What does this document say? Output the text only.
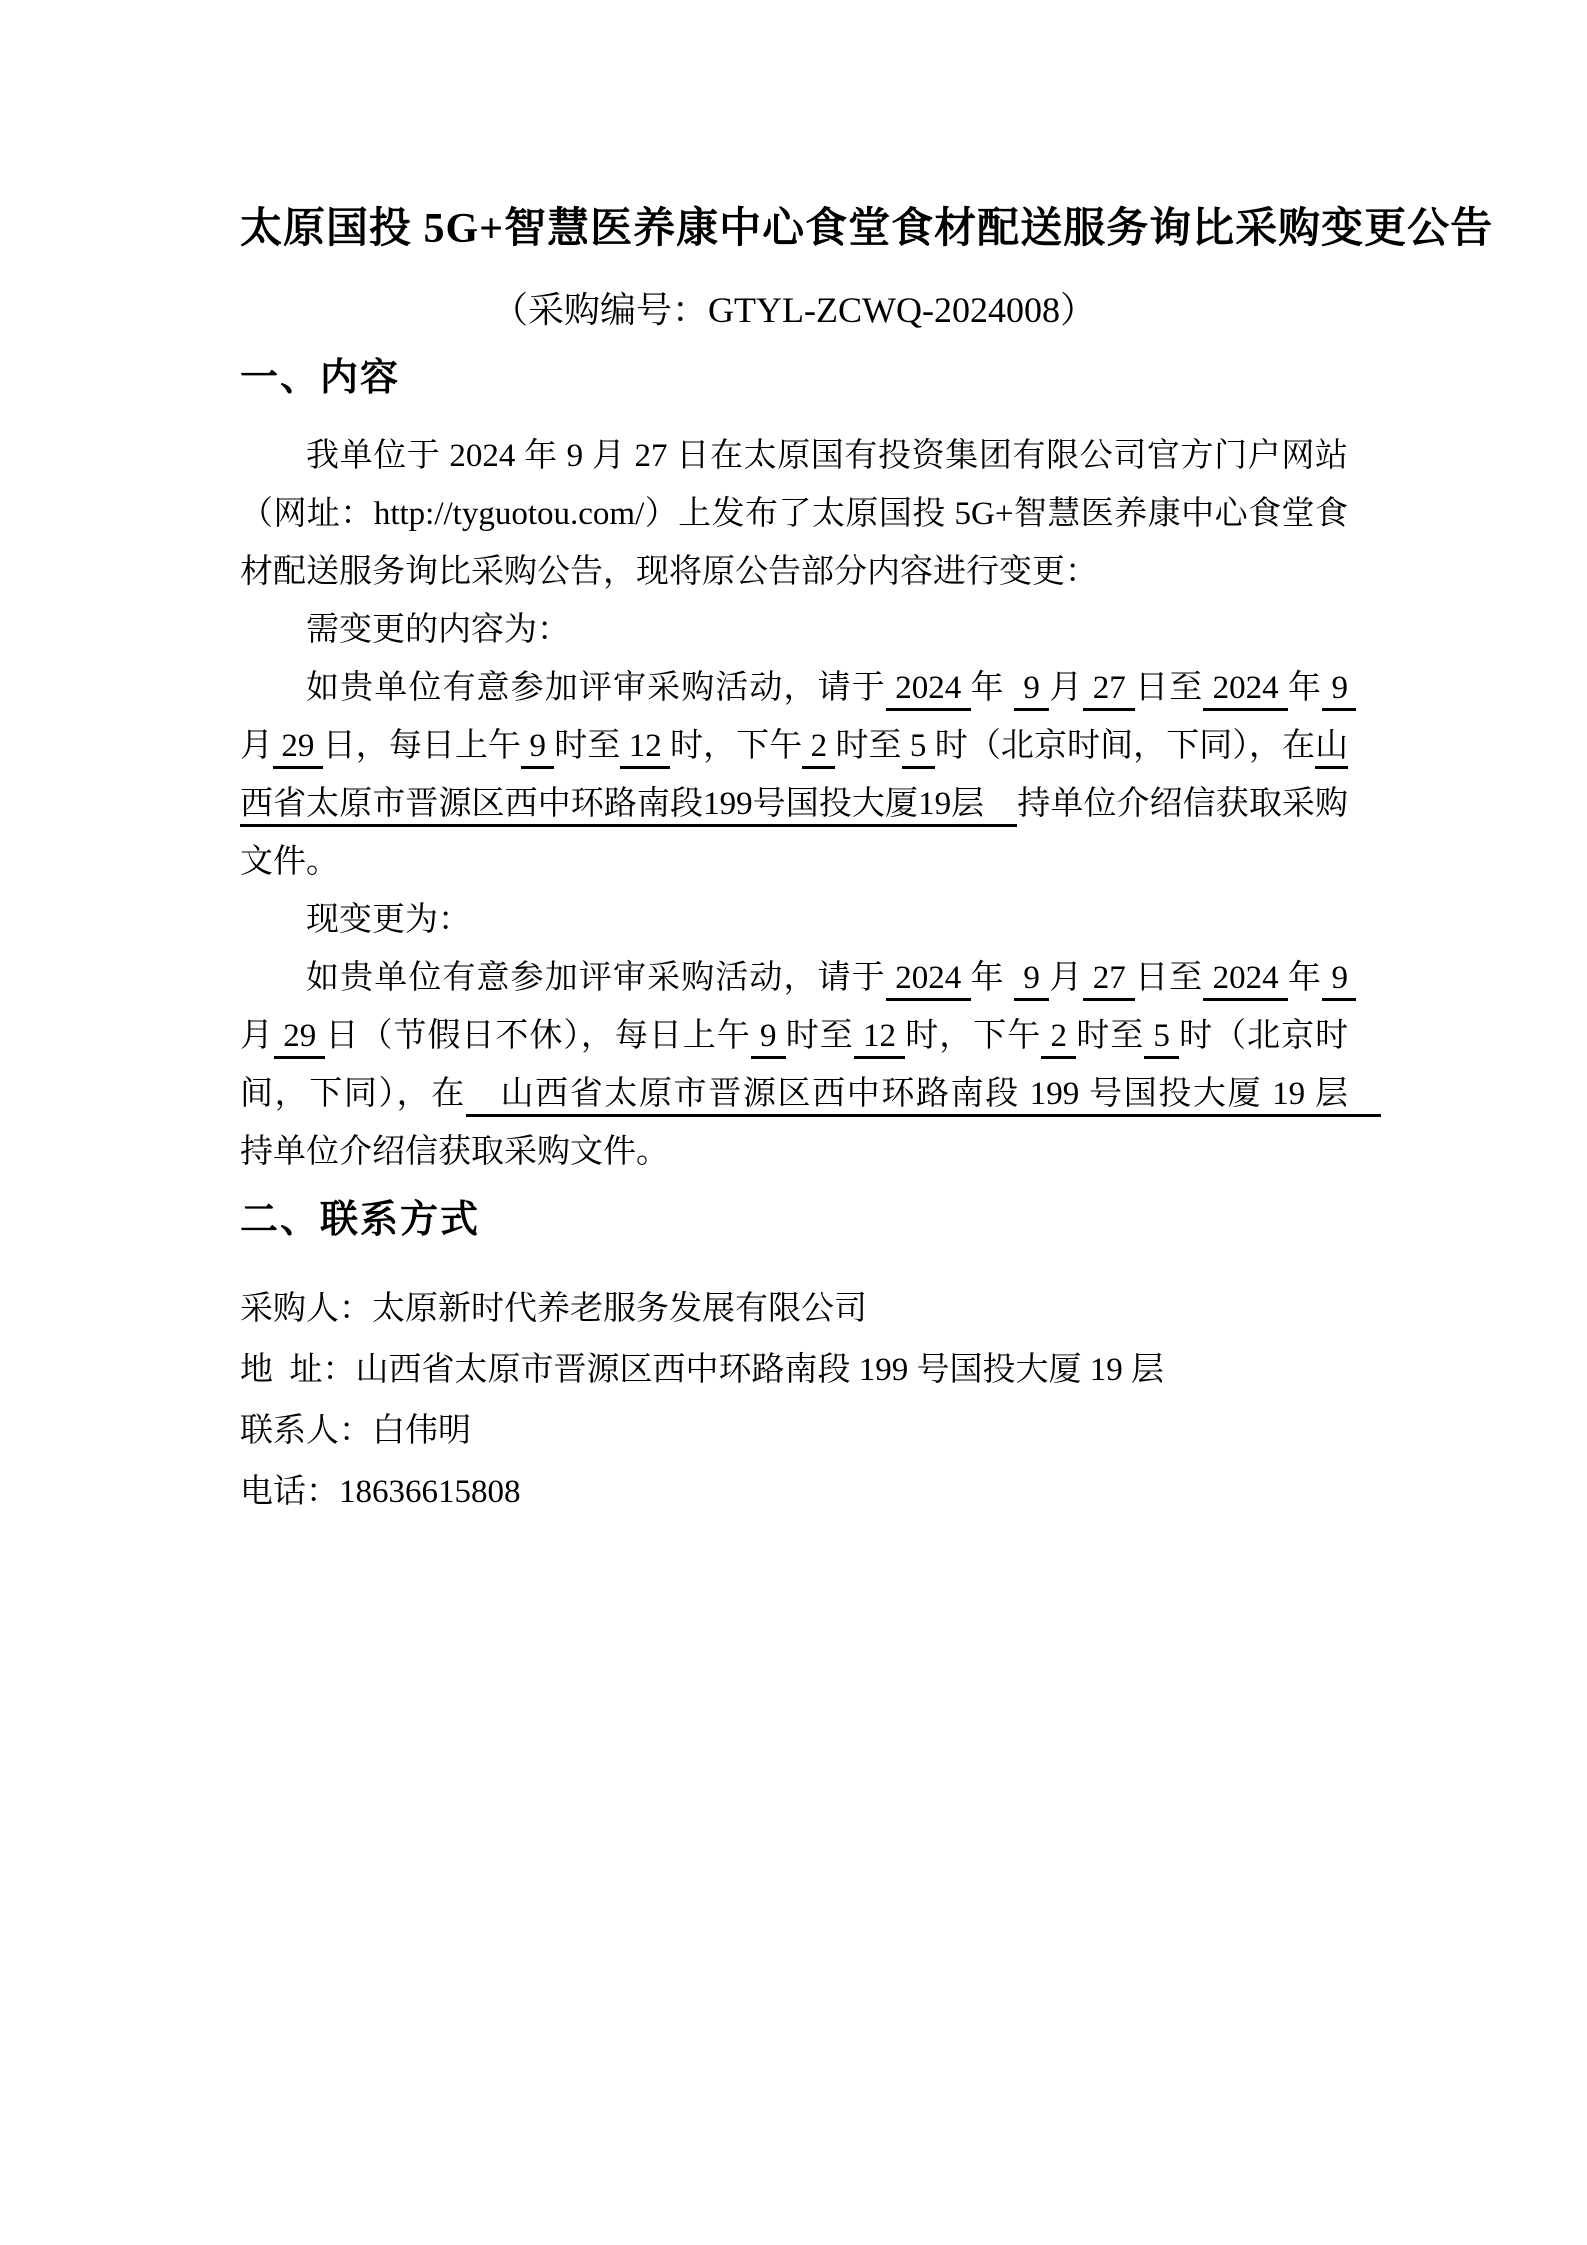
太原国投 5G+智慧医养康中心食堂食材配送服务询比采购变更公告
（采购编号：GTYL-ZCWQ-2024008）
一、内容

我单位于 2024 年 9 月 27 日在太原国有投资集团有限公司官方门户网站（网址：http://tyguotou.com/）上发布了太原国投 5G+智慧医养康中心食堂食材配送服务询比采购公告，现将原公告部分内容进行变更：

需变更的内容为：

如贵单位有意参加评审采购活动，请于 2024 年  9 月 27 日至 2024 年 9 月 29 日，每日上午 9 时至 12 时，下午 2 时至 5 时（北京时间，下同），在山西省太原市晋源区西中环路南段199号国投大厦19层　持单位介绍信获取采购文件。

现变更为：

如贵单位有意参加评审采购活动，请于 2024 年  9 月 27 日至 2024 年 9 月 29 日（节假日不休），每日上午 9 时至 12 时，下午 2 时至 5 时（北京时间，下同），在　山西省太原市晋源区西中环路南段 199 号国投大厦 19 层　持单位介绍信获取采购文件。

二、联系方式

采购人：太原新时代养老服务发展有限公司

地  址：山西省太原市晋源区西中环路南段 199 号国投大厦 19 层

联系人：白伟明

电话：18636615808
